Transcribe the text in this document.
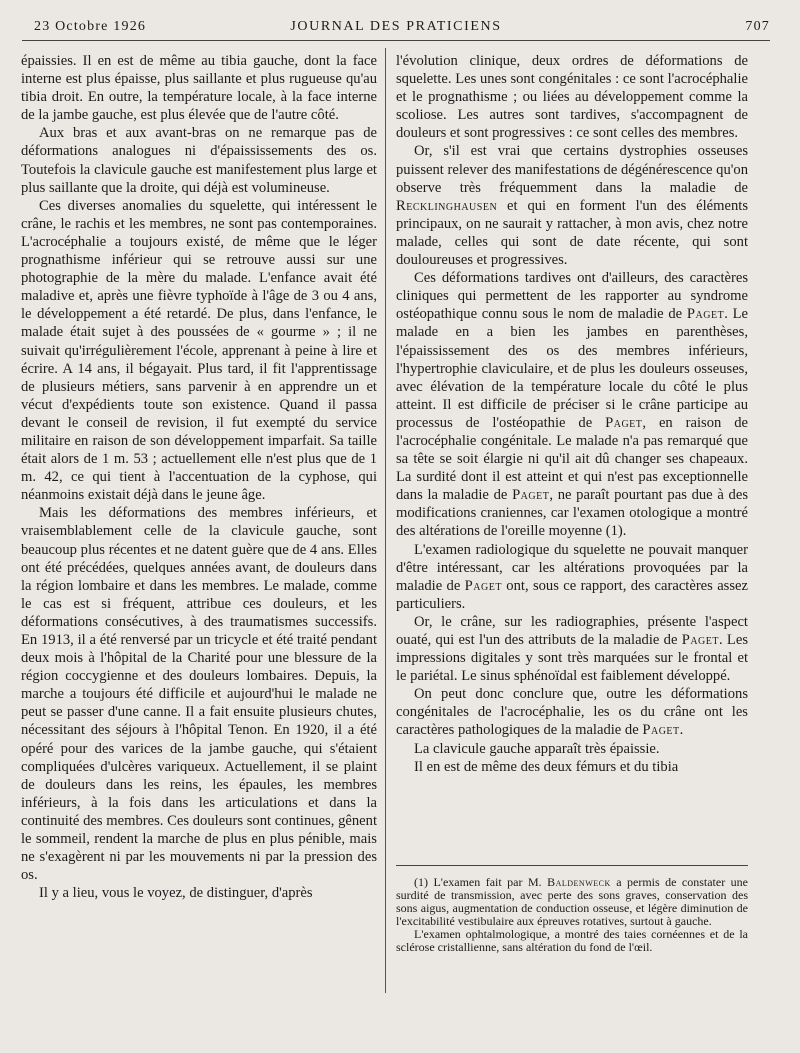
23 Octobre 1926	JOURNAL DES PRATICIENS	707

épaissies. Il en est de même au tibia gauche, dont la face interne est plus épaisse, plus saillante et plus rugueuse qu'au tibia droit. En outre, la température locale, à la face interne de la jambe gauche, est plus élevée que de l'autre côté.

Aux bras et aux avant-bras on ne remarque pas de déformations analogues ni d'épaississements des os. Toutefois la clavicule gauche est manifestement plus large et plus saillante que la droite, qui déjà est volumineuse.

Ces diverses anomalies du squelette, qui intéressent le crâne, le rachis et les membres, ne sont pas contemporaines. L'acrocéphalie a toujours existé, de même que le léger prognathisme inférieur qui se retrouve aussi sur une photographie de la mère du malade. L'enfance avait été maladive et, après une fièvre typhoïde à l'âge de 3 ou 4 ans, le développement a été retardé. De plus, dans l'enfance, le malade était sujet à des poussées de « gourme » ; il ne suivait qu'irrégulièrement l'école, apprenant à peine à lire et écrire. A 14 ans, il bégayait. Plus tard, il fit l'apprentissage de plusieurs métiers, sans parvenir à en apprendre un et vécut d'expédients toute son existence. Quand il passa devant le conseil de revision, il fut exempté du service militaire en raison de son développement imparfait. Sa taille était alors de 1 m. 53 ; actuellement elle n'est plus que de 1 m. 42, ce qui tient à l'accentuation de la cyphose, qui néanmoins existait déjà dans le jeune âge.

Mais les déformations des membres inférieurs, et vraisemblablement celle de la clavicule gauche, sont beaucoup plus récentes et ne datent guère que de 4 ans. Elles ont été précédées, quelques années avant, de douleurs dans la région lombaire et dans les membres. Le malade, comme le cas est si fréquent, attribue ces douleurs, et les déformations consécutives, à des traumatismes successifs. En 1913, il a été renversé par un tricycle et été traité pendant deux mois à l'hôpital de la Charité pour une blessure de la région coccygienne et des douleurs lombaires. Depuis, la marche a toujours été difficile et aujourd'hui le malade ne peut se passer d'une canne. Il a fait ensuite plusieurs chutes, nécessitant des séjours à l'hôpital Tenon. En 1920, il a été opéré pour des varices de la jambe gauche, qui s'étaient compliquées d'ulcères variqueux. Actuellement, il se plaint de douleurs dans les reins, les épaules, les membres inférieurs, à la fois dans les articulations et dans la continuité des membres. Ces douleurs sont continues, gênent le sommeil, rendent la marche de plus en plus pénible, mais ne s'exagèrent ni par les mouvements ni par la pression des os.

Il y a lieu, vous le voyez, de distinguer, d'après

l'évolution clinique, deux ordres de déformations de squelette. Les unes sont congénitales : ce sont l'acrocéphalie et le prognathisme ; ou liées au développement comme la scoliose. Les autres sont tardives, s'accompagnent de douleurs et sont progressives : ce sont celles des membres.

Or, s'il est vrai que certains dystrophies osseuses puissent relever des manifestations de dégénérescence qu'on observe très fréquemment dans la maladie de Recklinghausen et qui en forment l'un des éléments principaux, on ne saurait y rattacher, à mon avis, chez notre malade, celles qui sont de date récente, qui sont douloureuses et progressives.

Ces déformations tardives ont d'ailleurs, des caractères cliniques qui permettent de les rapporter au syndrome ostéopathique connu sous le nom de maladie de Paget. Le malade en a bien les jambes en parenthèses, l'épaississement des os des membres inférieurs, l'hypertrophie claviculaire, et de plus les douleurs osseuses, avec élévation de la température locale du côté le plus atteint. Il est difficile de préciser si le crâne participe au processus de l'ostéopathie de Paget, en raison de l'acrocéphalie congénitale. Le malade n'a pas remarqué que sa tête se soit élargie ni qu'il ait dû changer ses chapeaux. La surdité dont il est atteint et qui n'est pas exceptionnelle dans la maladie de Paget, ne paraît pourtant pas due à des modifications craniennes, car l'examen otologique a montré des altérations de l'oreille moyenne (1).

L'examen radiologique du squelette ne pouvait manquer d'être intéressant, car les altérations provoquées par la maladie de Paget ont, sous ce rapport, des caractères assez particuliers.

Or, le crâne, sur les radiographies, présente l'aspect ouaté, qui est l'un des attributs de la maladie de Paget. Les impressions digitales y sont très marquées sur le frontal et le pariétal. Le sinus sphénoïdal est faiblement développé.

On peut donc conclure que, outre les déformations congénitales de l'acrocéphalie, les os du crâne ont les caractères pathologiques de la maladie de Paget.

La clavicule gauche apparaît très épaissie.

Il en est de même des deux fémurs et du tibia

(1) L'examen fait par M. Baldenweck a permis de constater une surdité de transmission, avec perte des sons graves, conservation des sons aigus, augmentation de conduction osseuse, et légère diminution de l'excitabilité vestibulaire aux épreuves rotatives, surtout à gauche.

L'examen ophtalmologique, a montré des taies cornéennes et de la sclérose cristallienne, sans altération du fond de l'œil.
